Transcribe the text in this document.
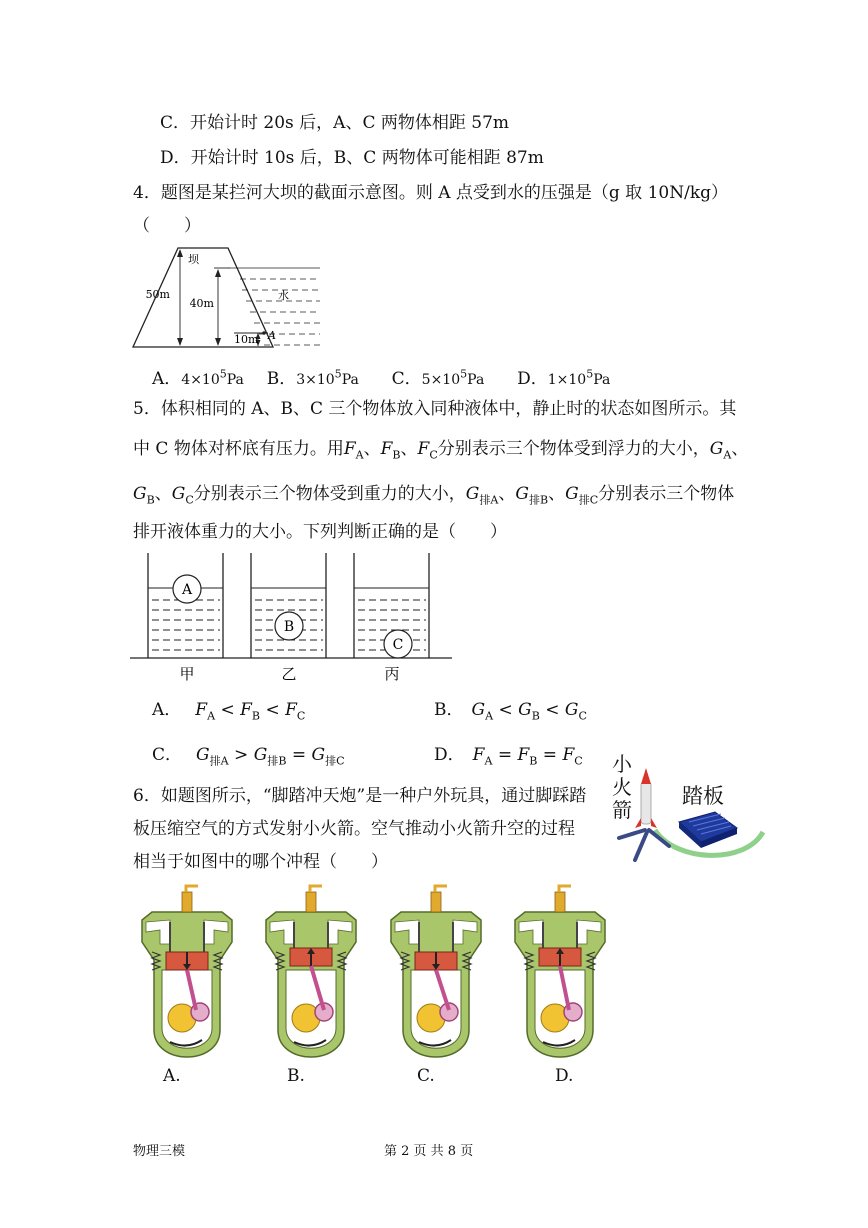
C．开始计时 20s 后，A、C 两物体相距 57m
D．开始计时 10s 后，B、C 两物体可能相距 87m
4．题图是某拦河大坝的截面示意图。则 A 点受到水的压强是（g 取 10N/kg）
（　　）
坝
水
50m
40m
10m A
A．$4\times 10^5Pa$ B．$3\times 10^5Pa$ C．$5\times 10^5Pa$ D．$1\times 10^5Pa$
5．体积相同的 A、B、C 三个物体放入同种液体中，静止时的状态如图所示。其
中 C 物体对杯底有压力。用$F_A$、$F_B$、$F_C$分别表示三个物体受到浮力的大小，$G_A$、
$G_B$、$G_C$分别表示三个物体受到重力的大小，$G_{排A}$、$G_{排B}$、$G_{排C}$分别表示三个物体
排开液体重力的大小。下列判断正确的是（　　）
A
B
C
甲	乙	丙
A． $F_A < F_B < F_C$	B． $G_A < G_B < G_C$
C． $G_{排A} > G_{排B} = G_{排C}$	D． $F_A = F_B = F_C$
6．如题图所示，“脚踏冲天炮”是一种户外玩具，通过脚踩踏
板压缩空气的方式发射小火箭。空气推动小火箭升空的过程
相当于如图中的哪个冲程（　　）
小
火
箭
踏板
A.	B.	C.	D.
物理三模	第 2 页 共 8 页
